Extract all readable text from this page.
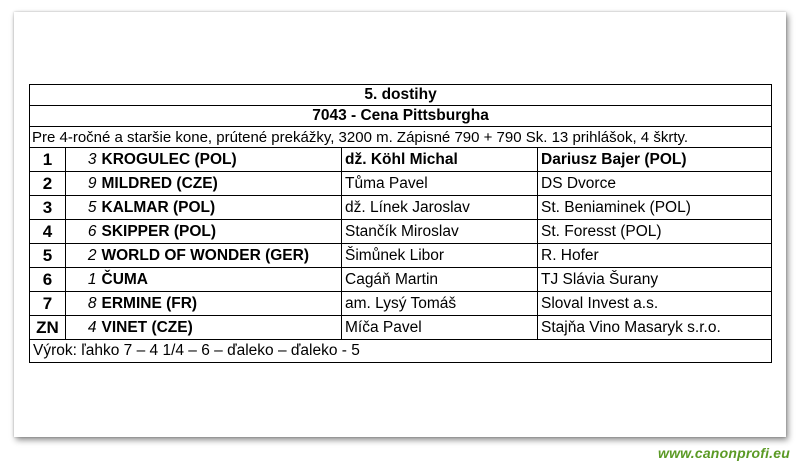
5. dostihy				
7043 - Cena Pittsburgha				
Pre 4-ročné a staršie kone, prútené prekážky, 3200 m. Zápisné 790 + 790 Sk. 13 prihlášok, 4 škrty.				
1	3	KROGULEC (POL)	dž. Köhl Michal	Dariusz Bajer (POL)
2	9	MILDRED (CZE)	Tůma Pavel	DS Dvorce
3	5	KALMAR (POL)	dž. Línek Jaroslav	St. Beniaminek (POL)
4	6	SKIPPER (POL)	Stančík Miroslav	St. Foresst (POL)
5	2	WORLD OF WONDER (GER)	Šimůnek Libor	R. Hofer
6	1	ČUMA	Cagáň Martin	TJ Slávia Šurany
7	8	ERMINE (FR)	am. Lysý Tomáš	Sloval Invest a.s.
ZN	4	VINET (CZE)	Míča Pavel	Stajňa Vino Masaryk s.r.o.
Výrok: ľahko 7 – 4 1/4 – 6 – ďaleko – ďaleko - 5				
www.canonprofi.eu
